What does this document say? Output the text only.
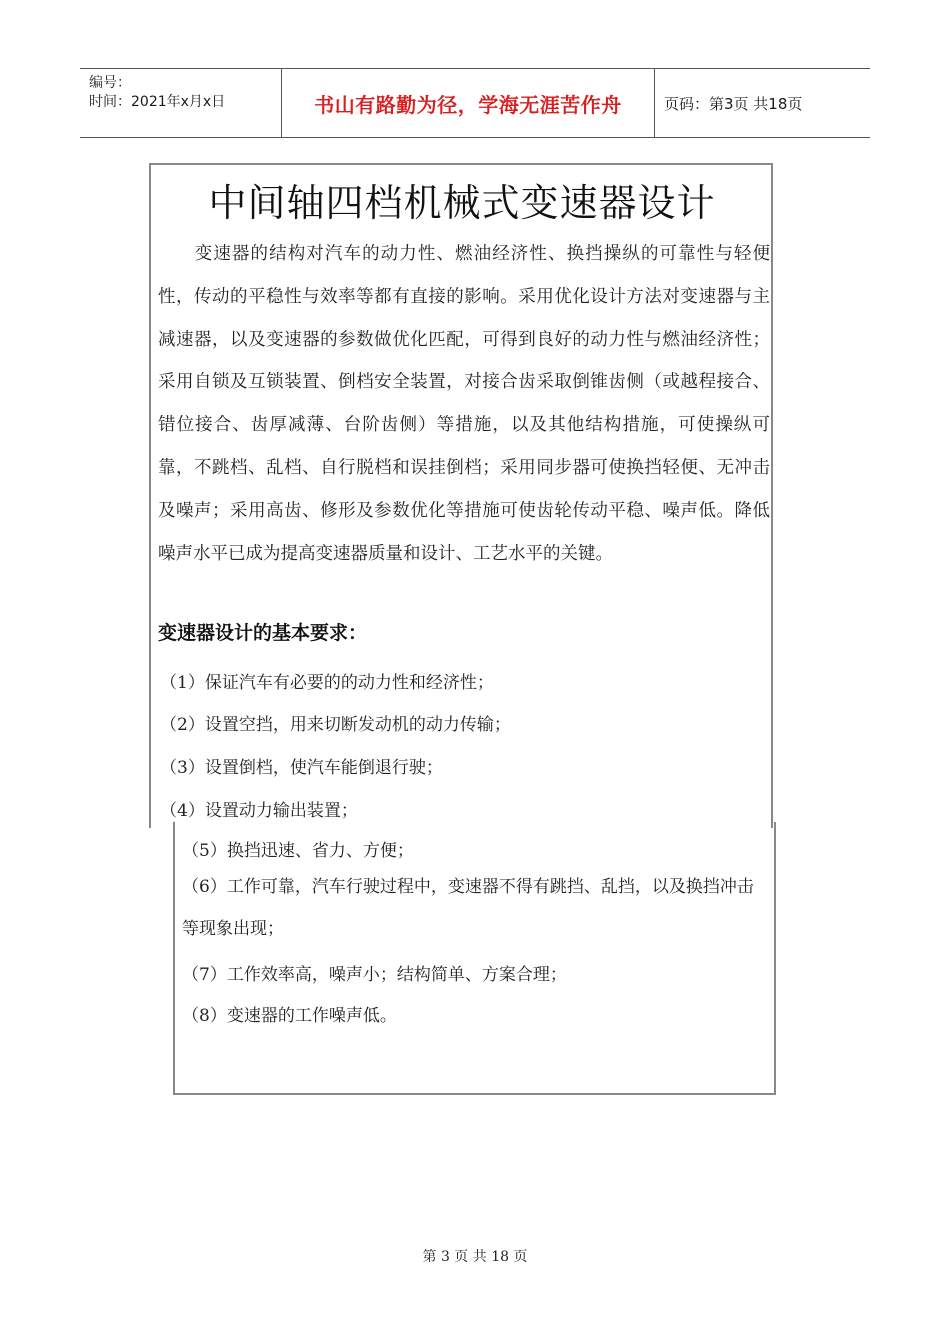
编号：
时间：2021年x月x日	书山有路勤为径，学海无涯苦作舟	页码：第3页 共18页
中间轴四档机械式变速器设计
变速器的结构对汽车的动力性、燃油经济性、换挡操纵的可靠性与轻便性，传动的平稳性与效率等都有直接的影响。采用优化设计方法对变速器与主减速器，以及变速器的参数做优化匹配，可得到良好的动力性与燃油经济性；采用自锁及互锁装置、倒档安全装置，对接合齿采取倒锥齿侧（或越程接合、错位接合、齿厚减薄、台阶齿侧）等措施，以及其他结构措施，可使操纵可靠，不跳档、乱档、自行脱档和误挂倒档；采用同步器可使换挡轻便、无冲击及噪声；采用高齿、修形及参数优化等措施可使齿轮传动平稳、噪声低。降低噪声水平已成为提高变速器质量和设计、工艺水平的关键。
变速器设计的基本要求：
（1）保证汽车有必要的的动力性和经济性；
（2）设置空挡，用来切断发动机的动力传输；
（3）设置倒档，使汽车能倒退行驶；
（4）设置动力输出装置；
（5）换挡迅速、省力、方便；
（6）工作可靠，汽车行驶过程中，变速器不得有跳挡、乱挡，以及换挡冲击等现象出现；
（7）工作效率高，噪声小；结构简单、方案合理；
（8）变速器的工作噪声低。
第 3 页 共 18 页
